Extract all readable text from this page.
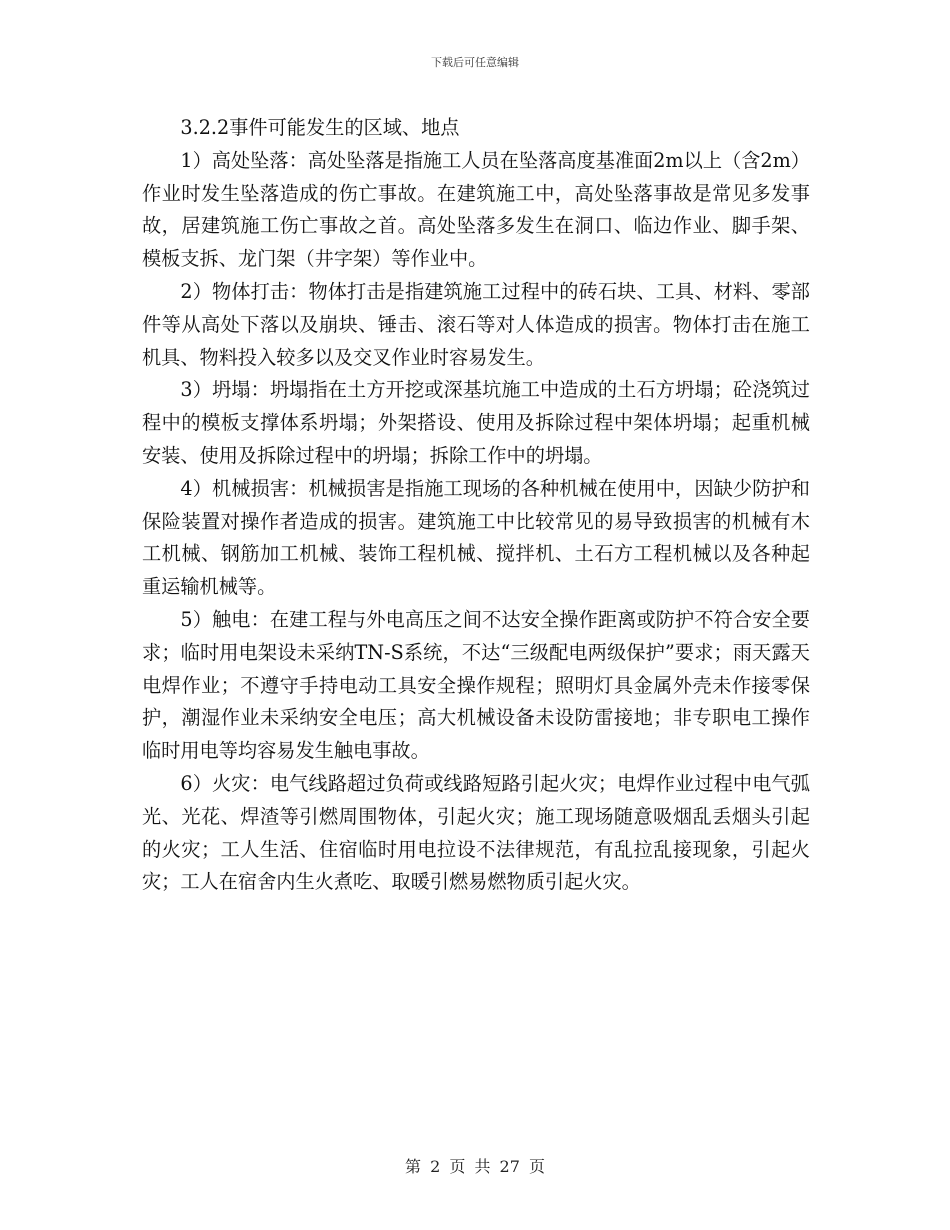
下载后可任意编辑

3.2.2事件可能发生的区域、地点

1）高处坠落：高处坠落是指施工人员在坠落高度基准面2m以上（含2m）作业时发生坠落造成的伤亡事故。在建筑施工中，高处坠落事故是常见多发事故，居建筑施工伤亡事故之首。高处坠落多发生在洞口、临边作业、脚手架、模板支拆、龙门架（井字架）等作业中。

2）物体打击：物体打击是指建筑施工过程中的砖石块、工具、材料、零部件等从高处下落以及崩块、锤击、滚石等对人体造成的损害。物体打击在施工机具、物料投入较多以及交叉作业时容易发生。

3）坍塌：坍塌指在土方开挖或深基坑施工中造成的土石方坍塌；砼浇筑过程中的模板支撑体系坍塌；外架搭设、使用及拆除过程中架体坍塌；起重机械安装、使用及拆除过程中的坍塌；拆除工作中的坍塌。

4）机械损害：机械损害是指施工现场的各种机械在使用中，因缺少防护和保险装置对操作者造成的损害。建筑施工中比较常见的易导致损害的机械有木工机械、钢筋加工机械、装饰工程机械、搅拌机、土石方工程机械以及各种起重运输机械等。

5）触电：在建工程与外电高压之间不达安全操作距离或防护不符合安全要求；临时用电架设未采纳TN-S系统，不达“三级配电两级保护”要求；雨天露天电焊作业；不遵守手持电动工具安全操作规程；照明灯具金属外壳未作接零保护，潮湿作业未采纳安全电压；高大机械设备未设防雷接地；非专职电工操作临时用电等均容易发生触电事故。

6）火灾：电气线路超过负荷或线路短路引起火灾；电焊作业过程中电气弧光、光花、焊渣等引燃周围物体，引起火灾；施工现场随意吸烟乱丢烟头引起的火灾；工人生活、住宿临时用电拉设不法律规范，有乱拉乱接现象，引起火灾；工人在宿舍内生火煮吃、取暖引燃易燃物质引起火灾。

第 2 页 共 27 页
